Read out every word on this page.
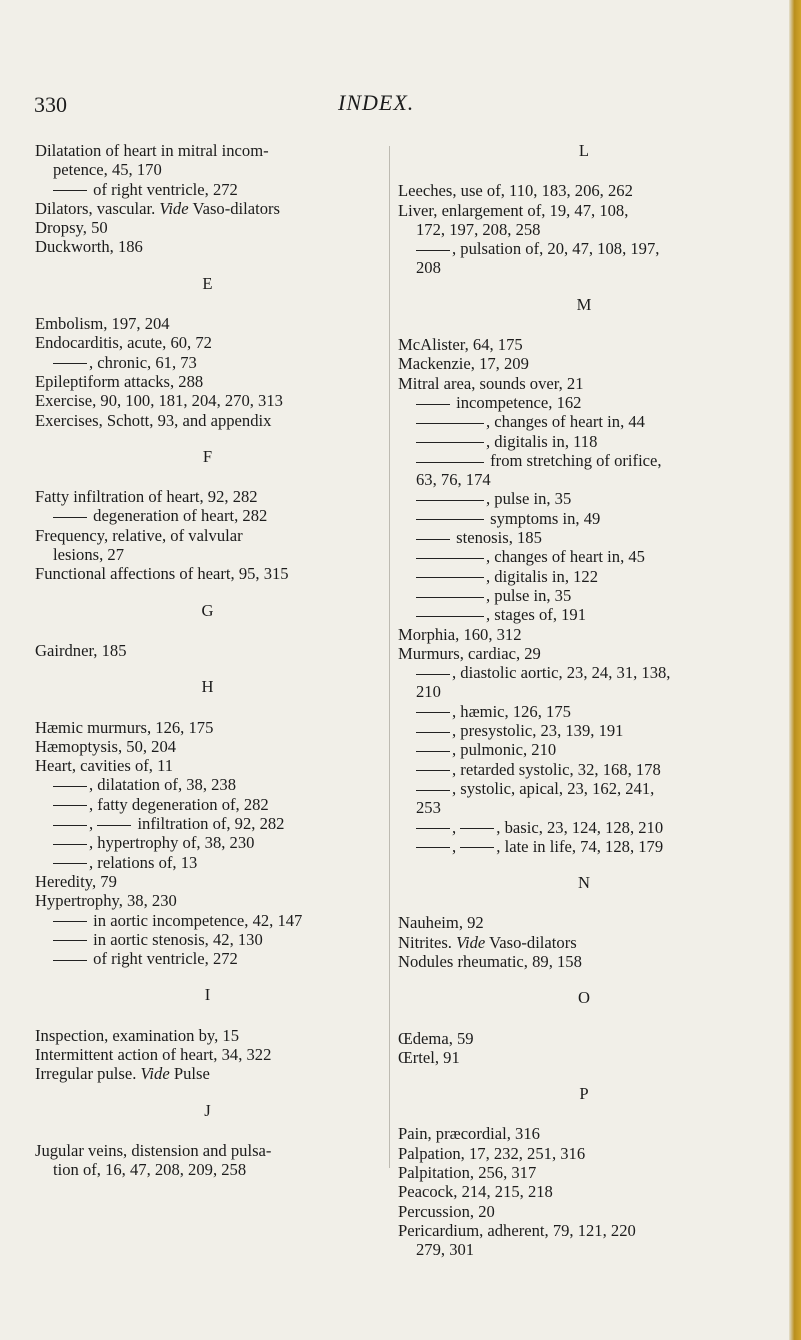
330	INDEX.
Dilatation of heart in mitral incom-
petence, 45, 170
of right ventricle, 272
Dilators, vascular. Vide Vaso-dilators
Dropsy, 50
Duckworth, 186
E
Embolism, 197, 204
Endocarditis, acute, 60, 72
, chronic, 61, 73
Epileptiform attacks, 288
Exercise, 90, 100, 181, 204, 270, 313
Exercises, Schott, 93, and appendix
F
Fatty infiltration of heart, 92, 282
degeneration of heart, 282
Frequency, relative, of valvular
lesions, 27
Functional affections of heart, 95, 315
G
Gairdner, 185
H
Hæmic murmurs, 126, 175
Hæmoptysis, 50, 204
Heart, cavities of, 11
, dilatation of, 38, 238
, fatty degeneration of, 282
,  infiltration of, 92, 282
, hypertrophy of, 38, 230
, relations of, 13
Heredity, 79
Hypertrophy, 38, 230
in aortic incompetence, 42, 147
in aortic stenosis, 42, 130
of right ventricle, 272
I
Inspection, examination by, 15
Intermittent action of heart, 34, 322
Irregular pulse. Vide Pulse
J
Jugular veins, distension and pulsa-
tion of, 16, 47, 208, 209, 258
L
Leeches, use of, 110, 183, 206, 262
Liver, enlargement of, 19, 47, 108,
172, 197, 208, 258
, pulsation of, 20, 47, 108, 197,
208
M
McAlister, 64, 175
Mackenzie, 17, 209
Mitral area, sounds over, 21
incompetence, 162
, changes of heart in, 44
, digitalis in, 118
from stretching of orifice,
63, 76, 174
, pulse in, 35
symptoms in, 49
stenosis, 185
, changes of heart in, 45
, digitalis in, 122
, pulse in, 35
, stages of, 191
Morphia, 160, 312
Murmurs, cardiac, 29
, diastolic aortic, 23, 24, 31, 138,
210
, hæmic, 126, 175
, presystolic, 23, 139, 191
, pulmonic, 210
, retarded systolic, 32, 168, 178
, systolic, apical, 23, 162, 241,
253
, , basic, 23, 124, 128, 210
, , late in life, 74, 128, 179
N
Nauheim, 92
Nitrites. Vide Vaso-dilators
Nodules rheumatic, 89, 158
O
Œdema, 59
Œrtel, 91
P
Pain, præcordial, 316
Palpation, 17, 232, 251, 316
Palpitation, 256, 317
Peacock, 214, 215, 218
Percussion, 20
Pericardium, adherent, 79, 121, 220
279, 301
